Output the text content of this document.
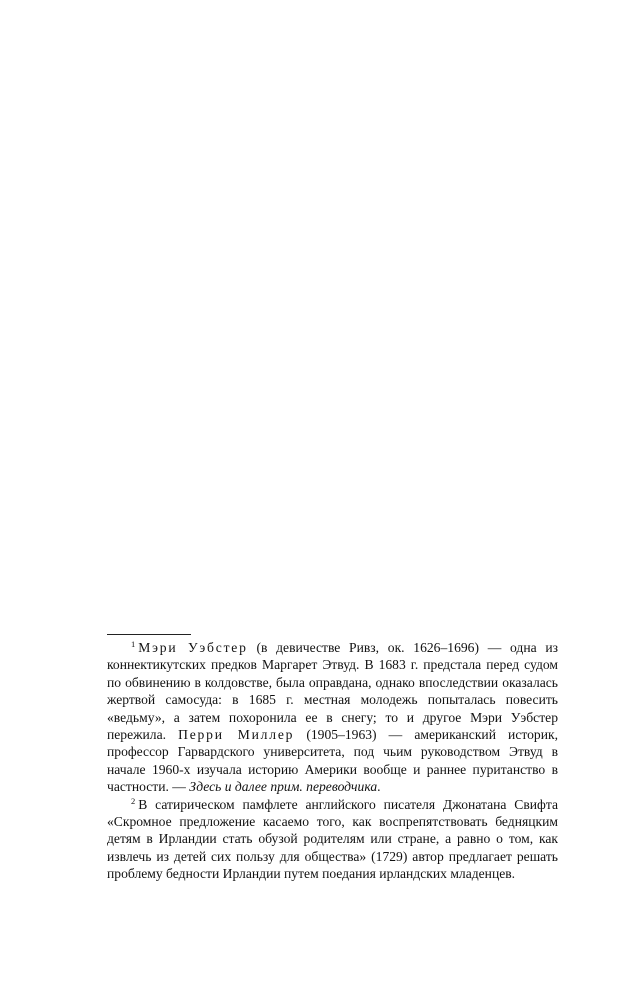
$^1$ Мэри Уэбстер (в девичестве Ривз, ок. 1626–1696) — одна из коннектикутских предков Маргарет Этвуд. В 1683 г. предстала перед судом по обвинению в колдовстве, была оправдана, однако впоследствии оказалась жертвой самосуда: в 1685 г. местная молодежь попыталась повесить «ведьму», а затем похоронила ее в снегу; то и другое Мэри Уэбстер пережила. Перри Миллер (1905–1963) — американский историк, профессор Гарвардского университета, под чьим руководством Этвуд в начале 1960-х изучала историю Америки вообще и раннее пуританство в частности. — Здесь и далее прим. переводчика.

$^2$ В сатирическом памфлете английского писателя Джонатана Свифта «Скромное предложение касаемо того, как воспрепятствовать бедняцким детям в Ирландии стать обузой родителям или стране, а равно о том, как извлечь из детей сих пользу для общества» (1729) автор предлагает решать проблему бедности Ирландии путем поедания ирландских младенцев.
